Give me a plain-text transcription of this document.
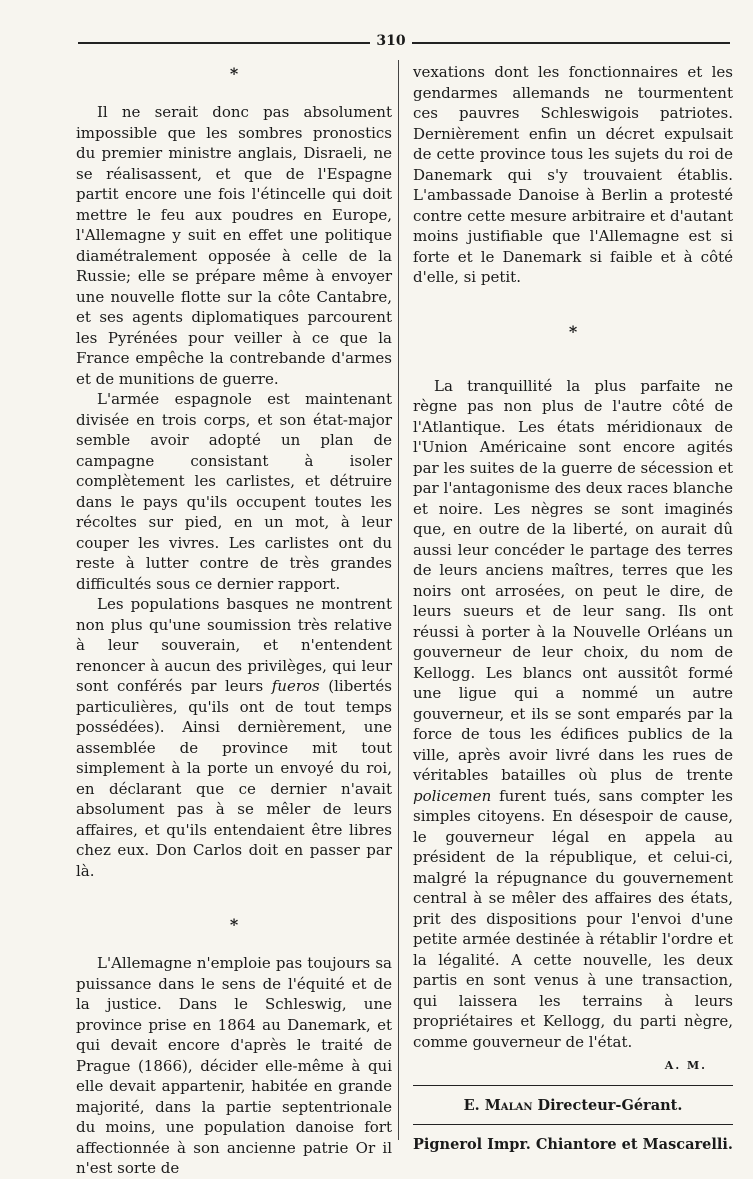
310
*

Il ne serait donc pas absolument impossible que les sombres pronostics du premier ministre anglais, Disraeli, ne se réalisassent, et que de l'Espagne partit encore une fois l'étincelle qui doit mettre le feu aux poudres en Europe, l'Allemagne y suit en effet une politique diamétralement opposée à celle de la Russie; elle se prépare même à envoyer une nouvelle flotte sur la côte Cantabre, et ses agents diplomatiques parcourent les Pyrénées pour veiller à ce que la France empêche la contrebande d'armes et de munitions de guerre.

L'armée espagnole est maintenant divisée en trois corps, et son état-major semble avoir adopté un plan de campagne consistant à isoler complètement les carlistes, et détruire dans le pays qu'ils occupent toutes les récoltes sur pied, en un mot, à leur couper les vivres. Les carlistes ont du reste à lutter contre de très grandes difficultés sous ce dernier rapport.

Les populations basques ne montrent non plus qu'une soumission très relative à leur souverain, et n'entendent renoncer à aucun des privilèges, qui leur sont conférés par leurs fueros (libertés particulières, qu'ils ont de tout temps possédées). Ainsi dernièrement, une assemblée de province mit tout simplement à la porte un envoyé du roi, en déclarant que ce dernier n'avait absolument pas à se mêler de leurs affaires, et qu'ils entendaient être libres chez eux. Don Carlos doit en passer par là.

*

L'Allemagne n'emploie pas toujours sa puissance dans le sens de l'équité et de la justice. Dans le Schleswig, une province prise en 1864 au Danemark, et qui devait encore d'après le traité de Prague (1866), décider elle-même à qui elle devait appartenir, habitée en grande majorité, dans la partie septentrionale du moins, une population danoise fort affectionnée à son ancienne patrie Or il n'est sorte de

vexations dont les fonctionnaires et les gendarmes allemands ne tourmentent ces pauvres Schleswigois patriotes. Dernièrement enfin un décret expulsait de cette province tous les sujets du roi de Danemark qui s'y trouvaient établis. L'ambassade Danoise à Berlin a protesté contre cette mesure arbitraire et d'autant moins justifiable que l'Allemagne est si forte et le Danemark si faible et à côté d'elle, si petit.

*

La tranquillité la plus parfaite ne règne pas non plus de l'autre côté de l'Atlantique. Les états méridionaux de l'Union Américaine sont encore agités par les suites de la guerre de sécession et par l'antagonisme des deux races blanche et noire. Les nègres se sont imaginés que, en outre de la liberté, on aurait dû aussi leur concéder le partage des terres de leurs anciens maîtres, terres que les noirs ont arrosées, on peut le dire, de leurs sueurs et de leur sang. Ils ont réussi à porter à la Nouvelle Orléans un gouverneur de leur choix, du nom de Kellogg. Les blancs ont aussitôt formé une ligue qui a nommé un autre gouverneur, et ils se sont emparés par la force de tous les édifices publics de la ville, après avoir livré dans les rues de véritables batailles où plus de trente policemen furent tués, sans compter les simples citoyens. En désespoir de cause, le gouverneur légal en appela au président de la république, et celui-ci, malgré la répugnance du gouvernement central à se mêler des affaires des états, prit des dispositions pour l'envoi d'une petite armée destinée à rétablir l'ordre et la légalité. A cette nouvelle, les deux partis en sont venus à une transaction, qui laissera les terrains à leurs propriétaires et Kellogg, du parti nègre, comme gouverneur de l'état.

A. M.
E. Malan Directeur-Gérant.
Pignerol Impr. Chiantore et Mascarelli.
